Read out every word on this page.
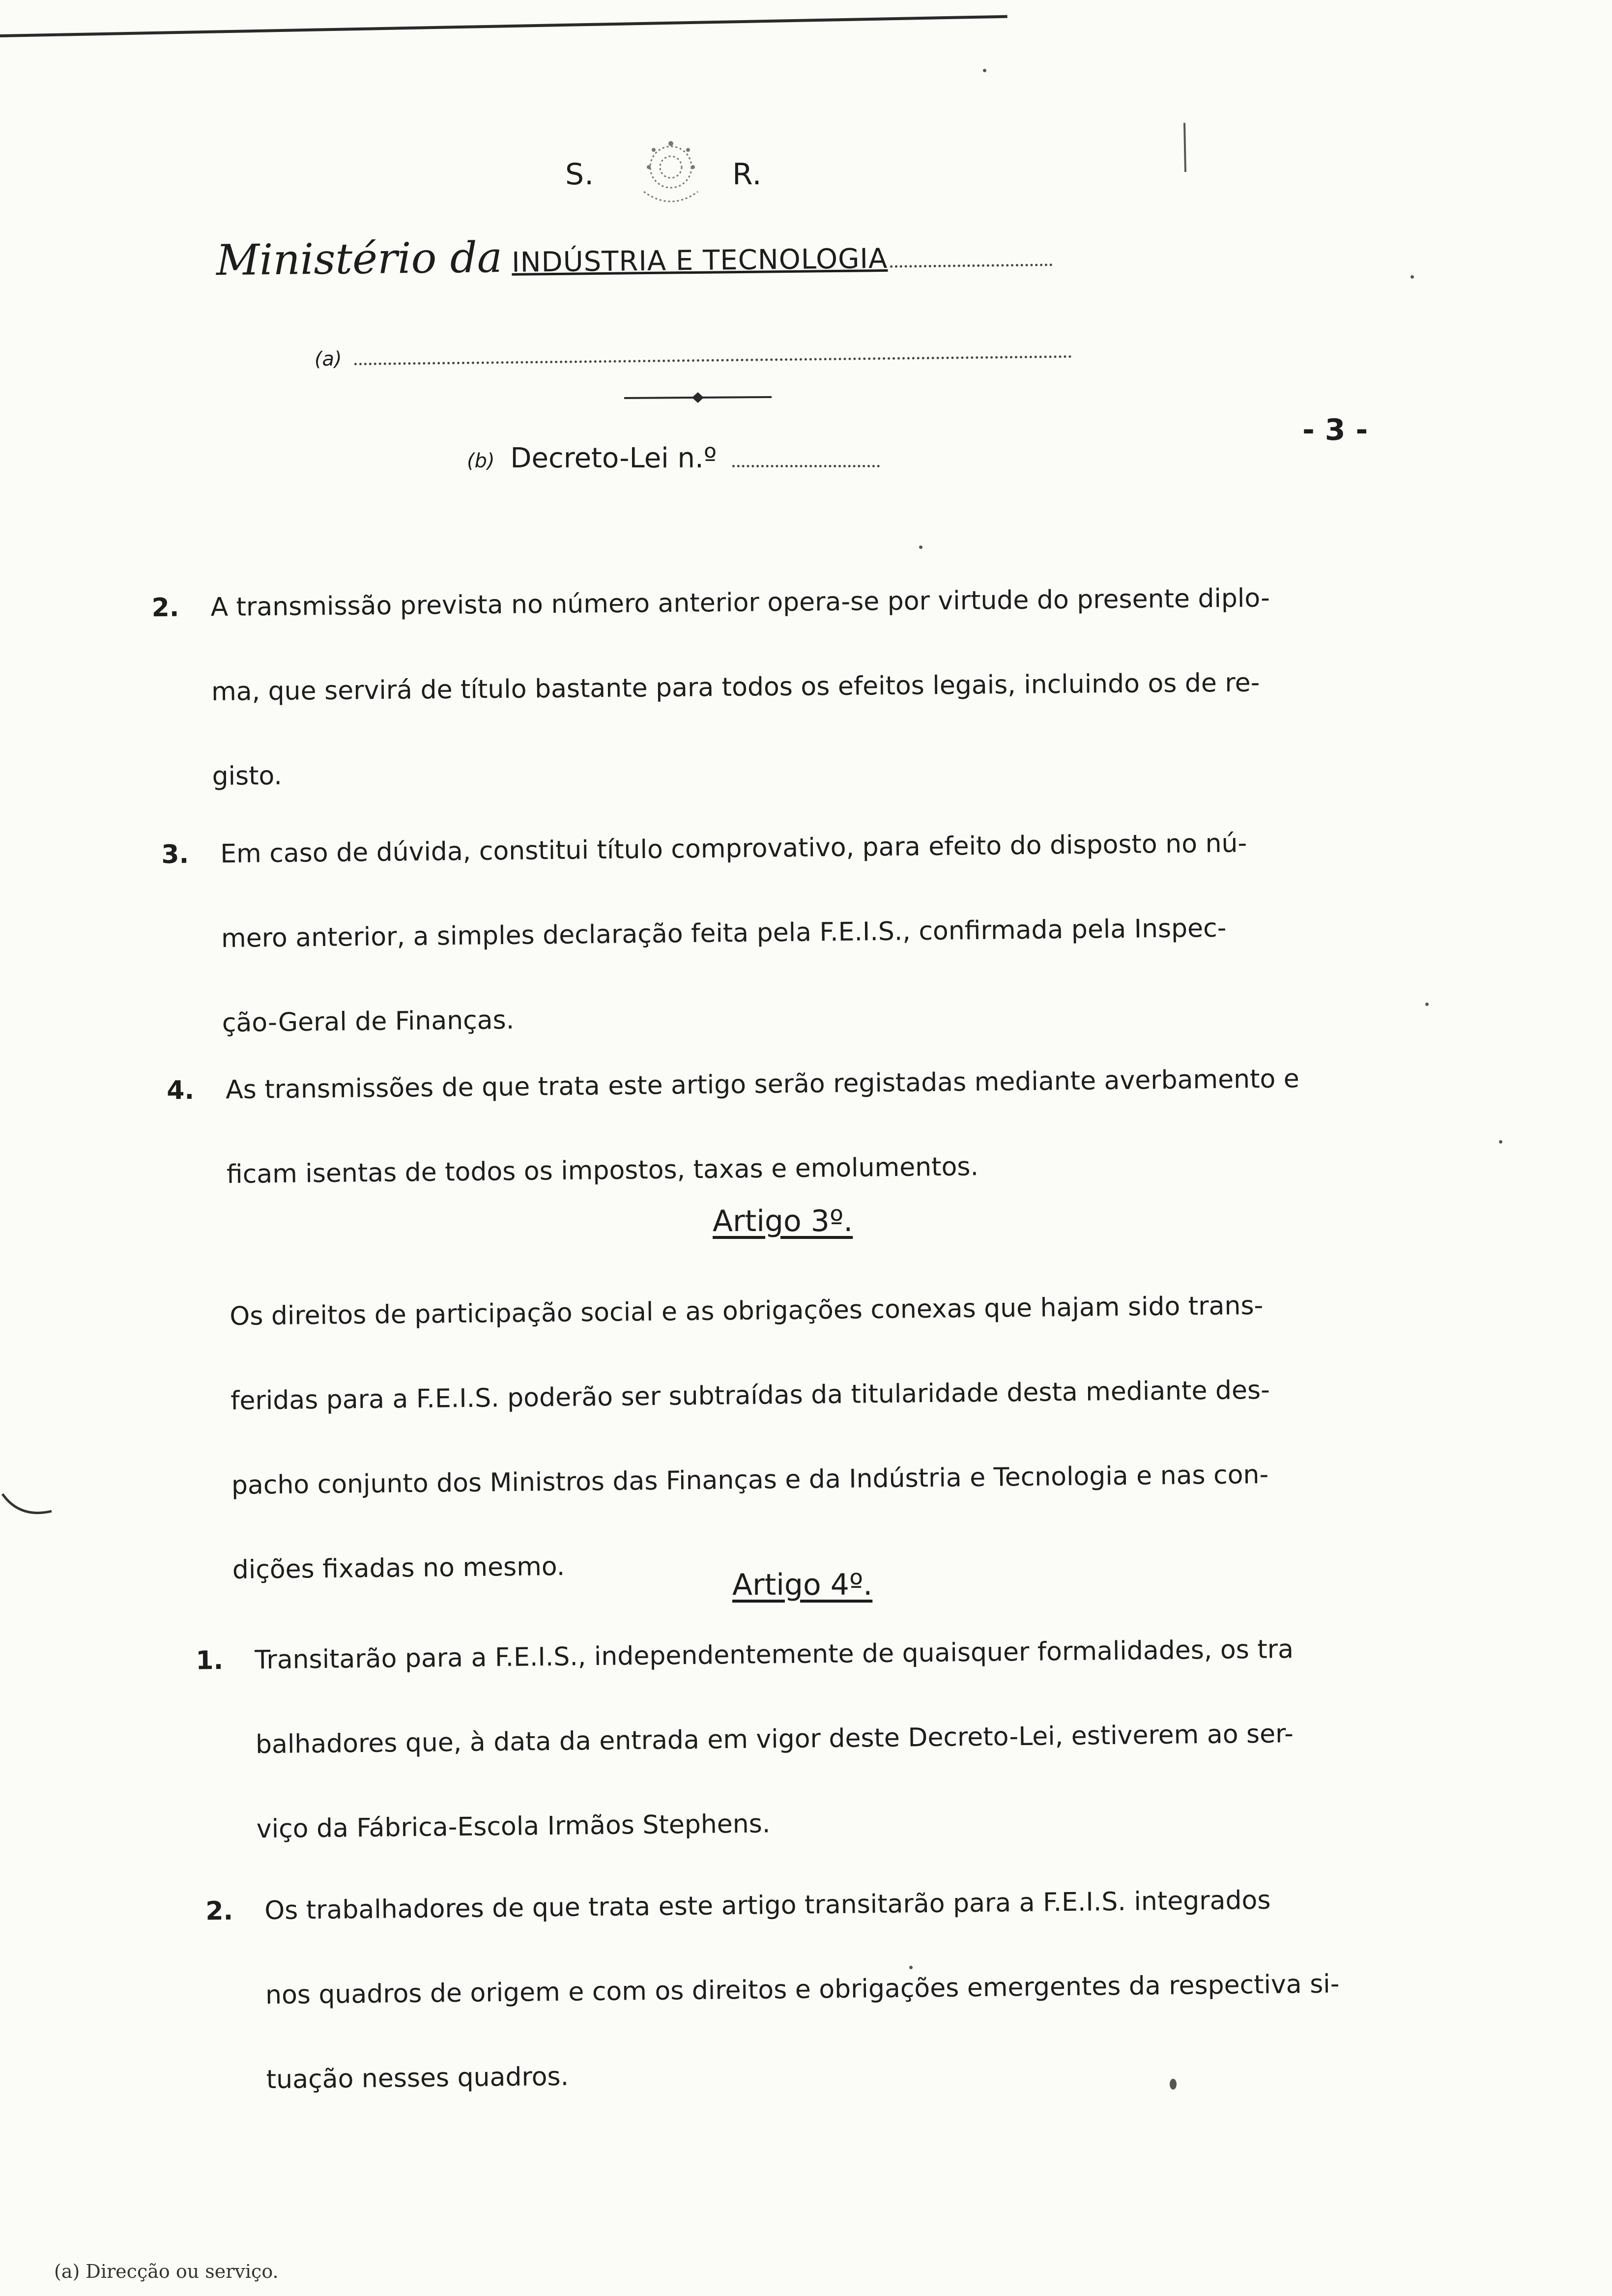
S.	R.
Ministério da INDÚSTRIA E TECNOLOGIA
(a)
(b) Decreto-Lei n.º
- 3 -
2. A transmissão prevista no número anterior opera-se por virtude do presente diplo-
ma, que servirá de título bastante para todos os efeitos legais, incluindo os de re-
gisto.
3. Em caso de dúvida, constitui título comprovativo, para efeito do disposto no nú-
mero anterior, a simples declaração feita pela F.E.I.S., confirmada pela Inspec-
ção-Geral de Finanças.
4. As transmissões de que trata este artigo serão registadas mediante averbamento e
ficam isentas de todos os impostos, taxas e emolumentos.
Artigo 3º.
Os direitos de participação social e as obrigações conexas que hajam sido trans-
feridas para a F.E.I.S. poderão ser subtraídas da titularidade desta mediante des-
pacho conjunto dos Ministros das Finanças e da Indústria e Tecnologia e nas con-
dições fixadas no mesmo.	Artigo 4º.
1. Transitarão para a F.E.I.S., independentemente de quaisquer formalidades, os tra
balhadores que, à data da entrada em vigor deste Decreto-Lei, estiverem ao ser-
viço da Fábrica-Escola Irmãos Stephens.
2. Os trabalhadores de que trata este artigo transitarão para a F.E.I.S. integrados
nos quadros de origem e com os direitos e obrigações emergentes da respectiva si-
tuação nesses quadros.
(a) Direcção ou serviço.
